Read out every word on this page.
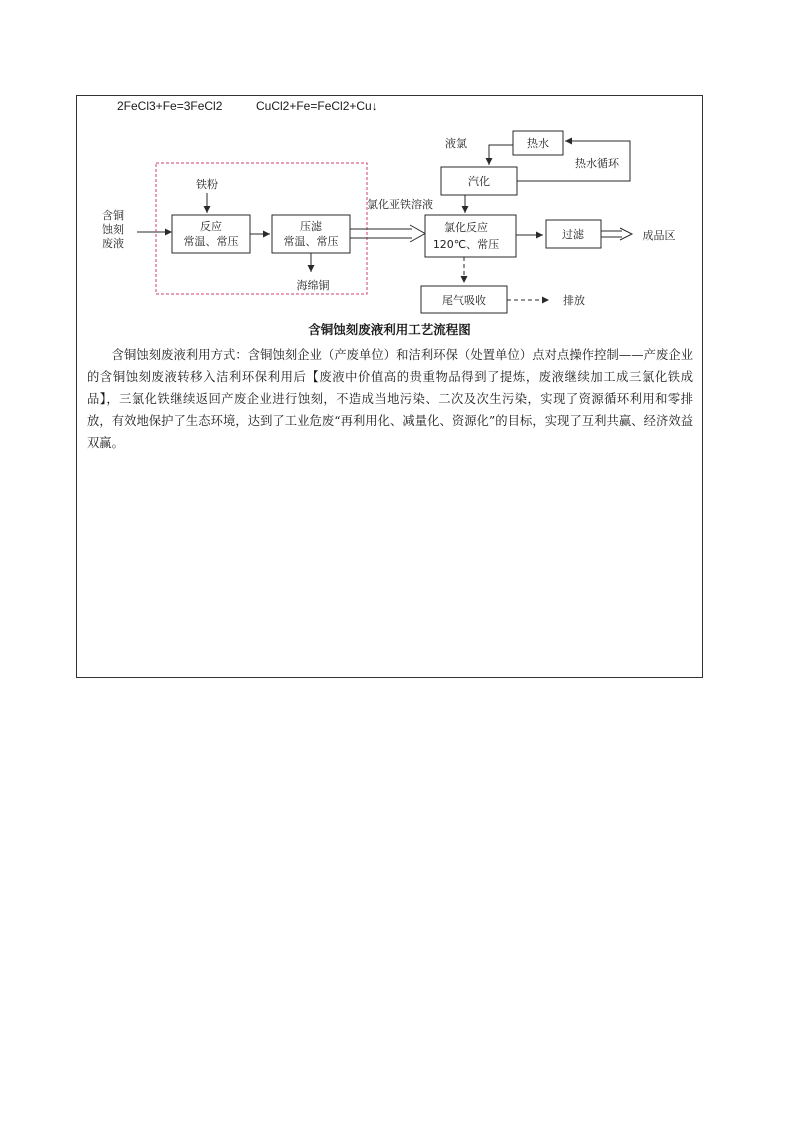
2FeCl3+Fe=3FeCl2	CuCl2+Fe=FeCl2+Cu↓
含铜
蚀刻
废液
铁粉
反应
常温、常压
压滤
常温、常压
海绵铜
氯化亚铁溶液
液氯	热水
汽化
热水循环
氯化反应
120℃、常压
过滤	成品区
尾气吸收	排放
含铜蚀刻废液利用工艺流程图
含铜蚀刻废液利用方式：含铜蚀刻企业（产废单位）和洁利环保（处置单位）点对点操作控制——产废企业的含铜蚀刻废液转移入洁利环保利用后【废液中价值高的贵重物品得到了提炼，废液继续加工成三氯化铁成品】，三氯化铁继续返回产废企业进行蚀刻，不造成当地污染、二次及次生污染，实现了资源循环利用和零排放，有效地保护了生态环境，达到了工业危废“再利用化、减量化、资源化”的目标，实现了互利共赢、经济效益双赢。
